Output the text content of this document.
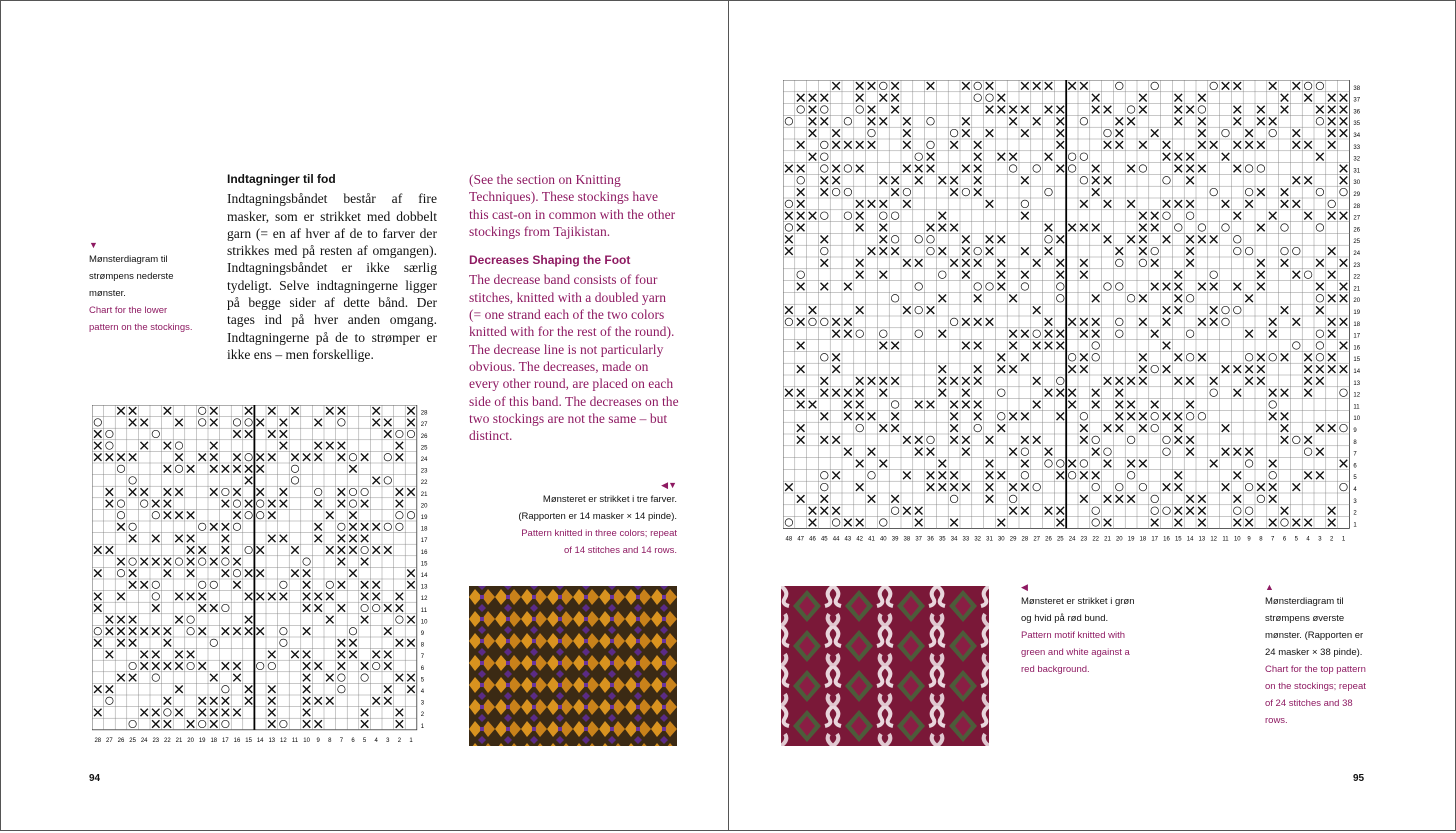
▼
Mønsterdiagram til
strømpens nederste
mønster.
Chart for the lower
pattern on the stockings.
Indtagninger til fod
Indtagningsbåndet består af fire masker, som er strikket med dobbelt garn (= en af hver af de to farver der strikkes med på resten af omgangen). Indtagningsbåndet er ikke særlig tydeligt. Selve indtagningerne ligger på begge sider af dette bånd. Der tages ind på hver anden omgang. Indtagningerne på de to strømper er ikke ens – men forskellige.
(See the section on Knitting Techniques). These stockings have this cast-on in common with the other stockings from Tajikistan.
Decreases Shaping the Foot
The decrease band consists of four stitches, knitted with a doubled yarn (= one strand each of the two colors knitted with for the rest of the round). The decrease line is not particularly obvious. The decreases, made on every other round, are placed on each side of this band. The decreases on the two stockings are not the same – but distinct.
◀▼
Mønsteret er strikket i tre farver.
(Rapporten er 14 masker × 14 pinde).
Pattern knitted in three colors; repeat
of 14 stitches and 14 rows.
28
27
26
25
24
23
22
21
20
19
18
17
16
15
14
13
12
11
10
9
8
7
6
5
4
3
2
1
28 27 26 25 24 23 22 21 20 19 18 17 16 15 14 13 12 11 10 9 8 7 6 5 4 3 2 1
94
38
37
36
35
34
33
32
31
30
29
28
27
26
25
24
23
22
21
20
19
18
17
16
15
14
13
12
11
10
9
8
7
6
5
4
3
2
1
48 47 46 45 44 43 42 41 40 39 38 37 36 35 34 33 32 31 30 29 28 27 26 25 24 23 22 21 20 19 18 17 16 15 14 13 12 11 10 9 8 7 6 5 4 3 2 1
◀
Mønsteret er strikket i grøn
og hvid på rød bund.
Pattern motif knitted with
green and white against a
red background.
▲
Mønsterdiagram til
strømpens øverste
mønster. (Rapporten er
24 masker × 38 pinde).
Chart for the top pattern
on the stockings; repeat
of 24 stitches and 38
rows.
95
